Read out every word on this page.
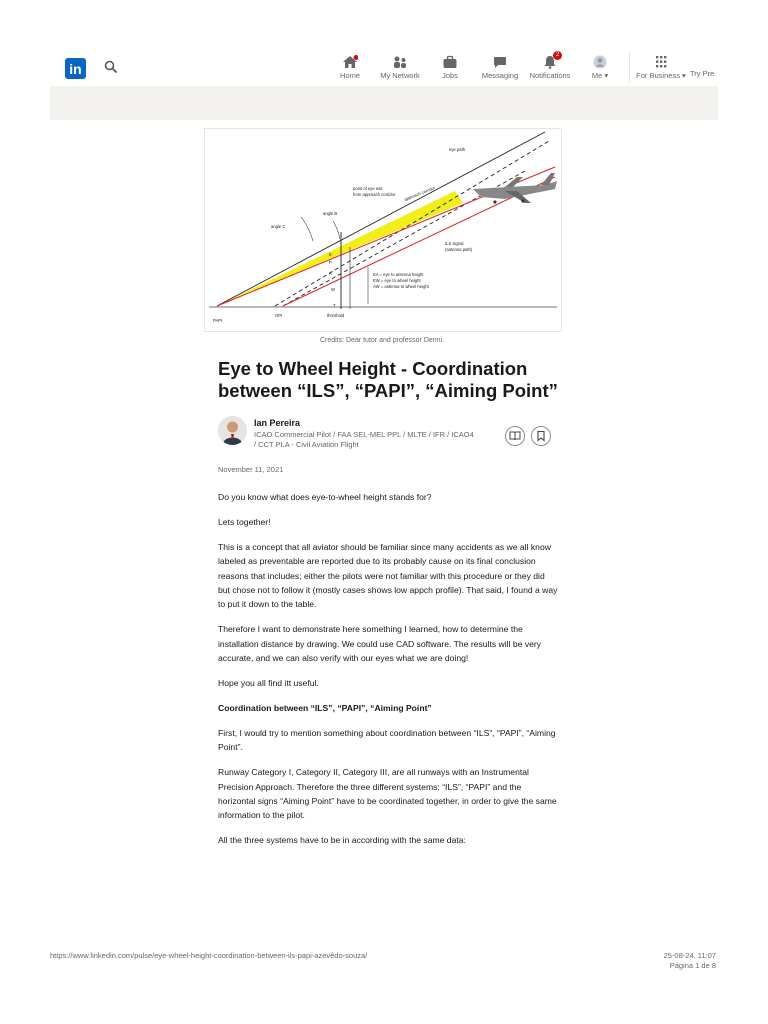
in	Home	My Network	Jobs	Messaging
2
Notifications	Me ▾	For Business ▾ Try Pre
eye path
point of eye exit
from approach corridor approach corridor
angle B
angle C
ILS signal
(antenna path)
EA = eye to antenna height
EW = eye to wheel height
AW = antenna to wheel height
threshold
PAPI
GPI
E
P
A
W
T
Credits: Dear tutor and professor Denni.
Eye to Wheel Height - Coordination between “ILS”, “PAPI”, “Aiming Point”
Ian Pereira
ICAO Commercial Pilot / FAA SEL-MEL PPL / MLTE / IFR / ICAO4 / CCT PLA - Civil Aviation Flight
November 11, 2021

Do you know what does eye-to-wheel height stands for?

Lets together!

This is a concept that all aviator should be familiar since many accidents as we all know labeled as preventable are reported due to its probably cause on its final conclusion reasons that includes; either the pilots were not familiar with this procedure or they did but chose not to follow it (mostly cases shows low appch profile). That said, I found a way to put it down to the table.

Therefore I want to demonstrate here something I learned, how to determine the installation distance by drawing. We could use CAD software. The results will be very accurate, and we can also verify with our eyes what we are doing!

Hope you all find itt useful.

Coordination between “ILS”, “PAPI”, “Aiming Point”

First, I would try to mention something about coordination between “ILS”, “PAPI”, “Aiming Point”.

Runway Category I, Category II, Category III, are all runways with an Instrumental Precision Approach. Therefore the three different systems: “ILS”, “PAPI” and the horizontal signs “Aiming Point” have to be coordinated together, in order to give the same information to the pilot.

All the three systems have to be in according with the same data:

https://www.linkedin.com/pulse/eye-wheel-height-coordination-between-ils-papi-azevêdo-souza/	25-08-24, 11:07
Página 1 de 8
